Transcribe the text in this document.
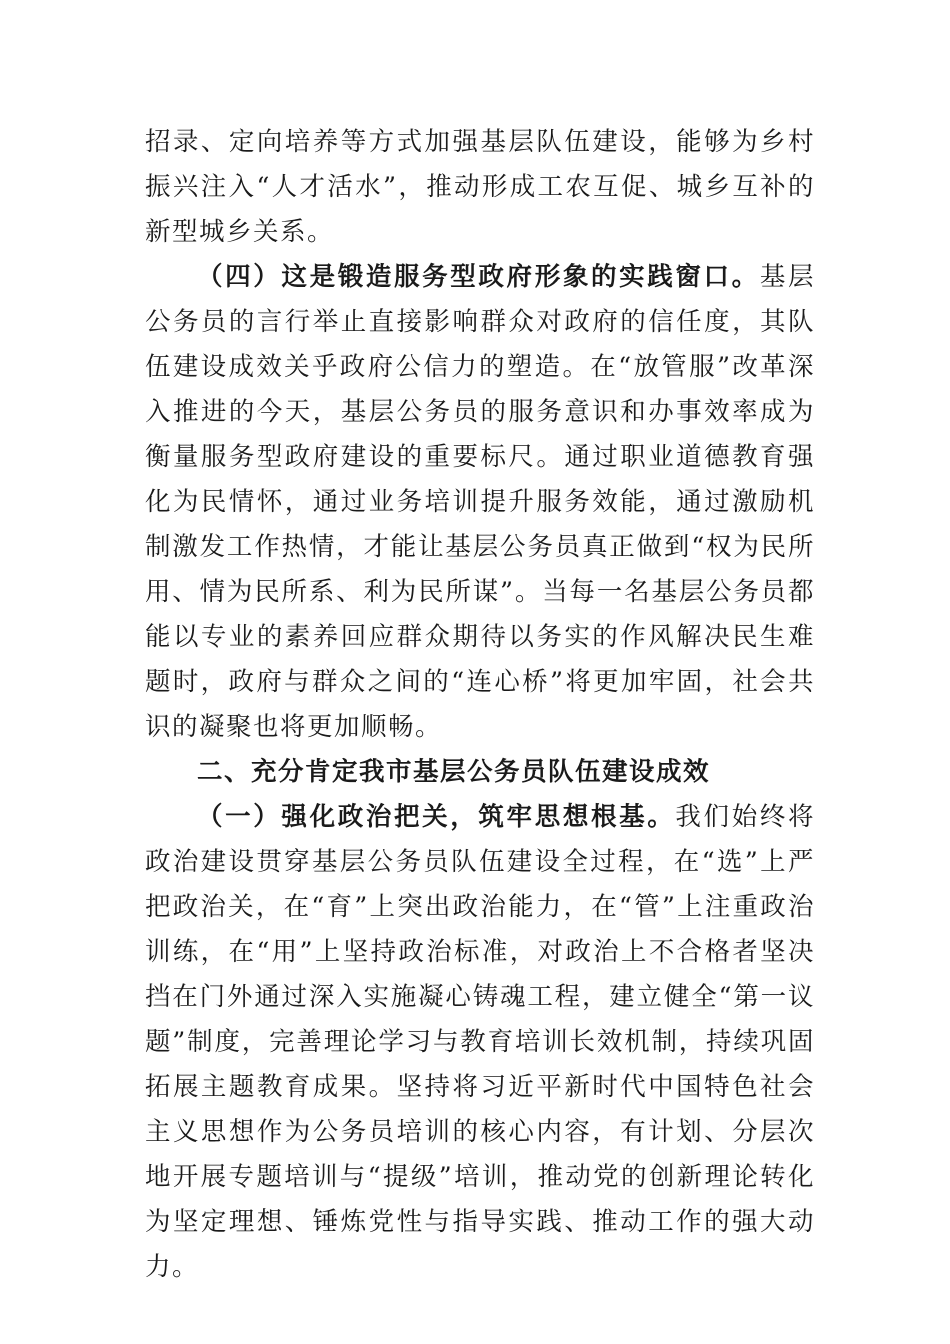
招录、定向培养等方式加强基层队伍建设，能够为乡村振兴注入“人才活水”，推动形成工农互促、城乡互补的新型城乡关系。

（四）这是锻造服务型政府形象的实践窗口。基层公务员的言行举止直接影响群众对政府的信任度，其队伍建设成效关乎政府公信力的塑造。在“放管服”改革深入推进的今天，基层公务员的服务意识和办事效率成为衡量服务型政府建设的重要标尺。通过职业道德教育强化为民情怀，通过业务培训提升服务效能，通过激励机制激发工作热情，才能让基层公务员真正做到“权为民所用、情为民所系、利为民所谋”。当每一名基层公务员都能以专业的素养回应群众期待以务实的作风解决民生难题时，政府与群众之间的“连心桥”将更加牢固，社会共识的凝聚也将更加顺畅。

二、充分肯定我市基层公务员队伍建设成效

（一）强化政治把关，筑牢思想根基。我们始终将政治建设贯穿基层公务员队伍建设全过程，在“选”上严把政治关，在“育”上突出政治能力，在“管”上注重政治训练，在“用”上坚持政治标准，对政治上不合格者坚决挡在门外通过深入实施凝心铸魂工程，建立健全“第一议题”制度，完善理论学习与教育培训长效机制，持续巩固拓展主题教育成果。坚持将习近平新时代中国特色社会主义思想作为公务员培训的核心内容，有计划、分层次地开展专题培训与“提级”培训，推动党的创新理论转化为坚定理想、锤炼党性与指导实践、推动工作的强大动力。
